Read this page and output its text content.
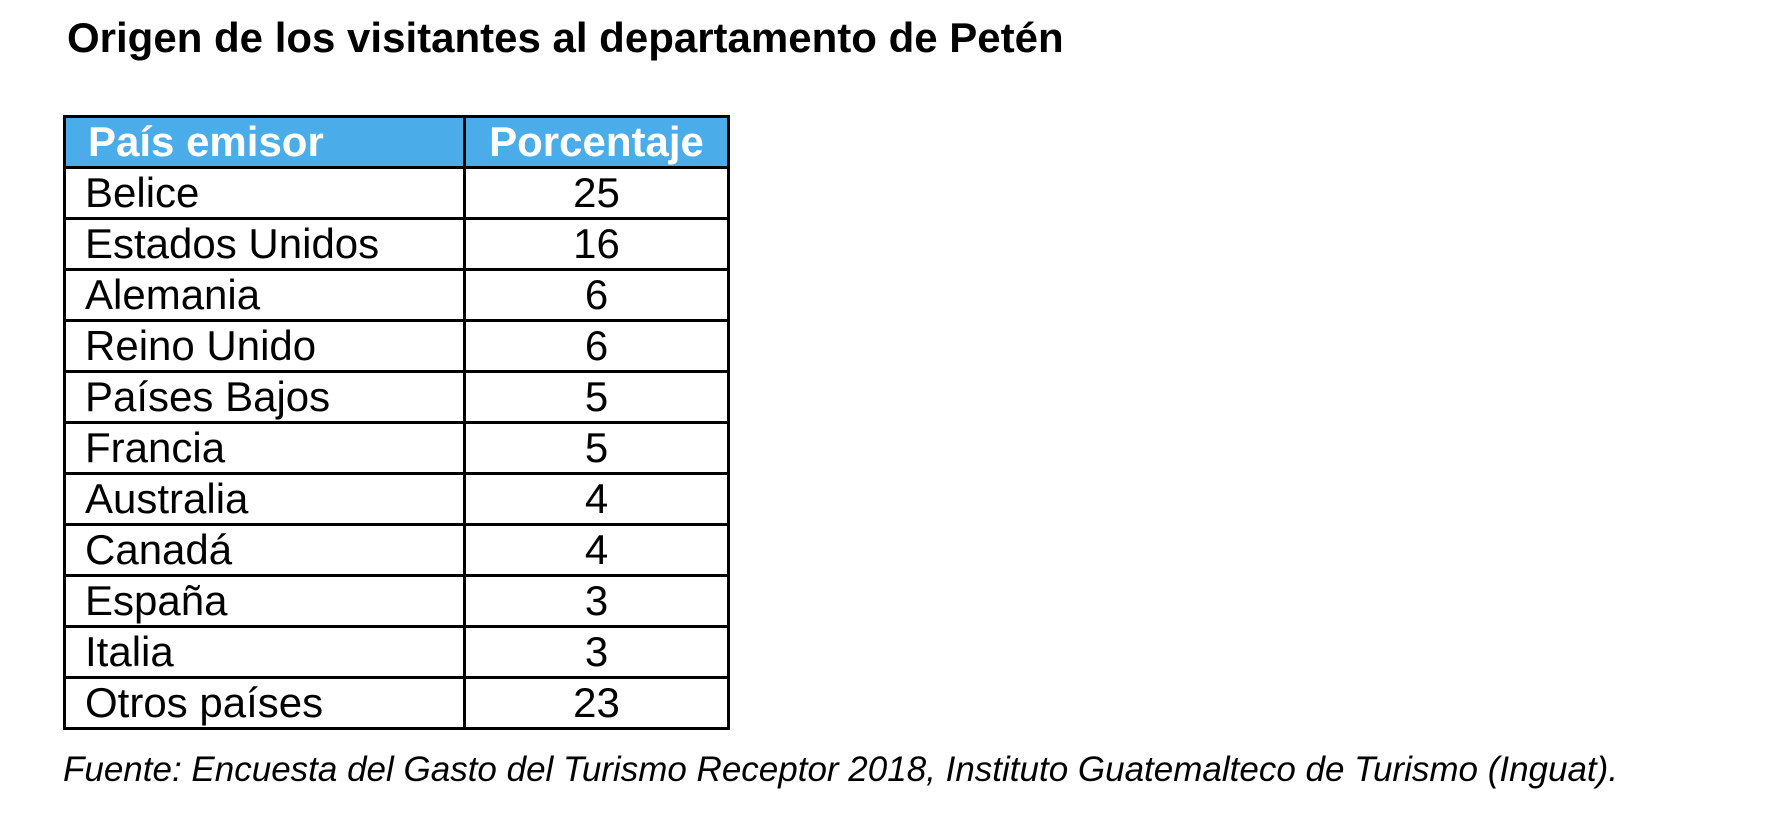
Origen de los visitantes al departamento de Petén
País emisor	Porcentaje
Belice	25
Estados Unidos	16
Alemania	6
Reino Unido	6
Países Bajos	5
Francia	5
Australia	4
Canadá	4
España	3
Italia	3
Otros países	23

Fuente: Encuesta del Gasto del Turismo Receptor 2018, Instituto Guatemalteco de Turismo (Inguat).
